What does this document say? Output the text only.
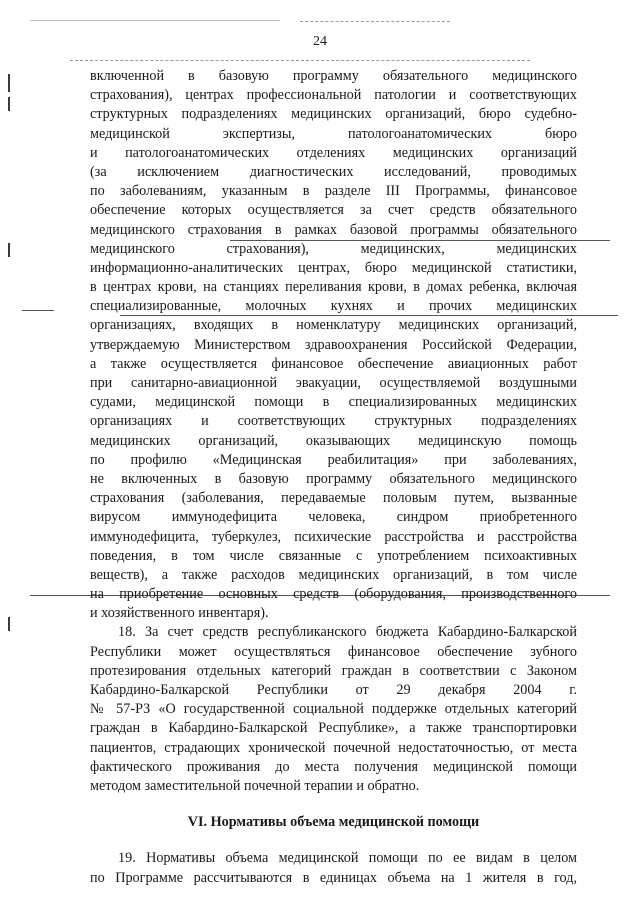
24
включенной в базовую программу обязательного медицинского
страхования), центрах профессиональной патологии и соответствующих
структурных подразделениях медицинских организаций, бюро судебно-
медицинской экспертизы, патологоанатомических бюро
и патологоанатомических отделениях медицинских организаций
(за исключением диагностических исследований, проводимых
по заболеваниям, указанным в разделе III Программы, финансовое
обеспечение которых осуществляется за счет средств обязательного
медицинского страхования в рамках базовой программы обязательного
медицинского страхования), медицинских, медицинских
информационно-аналитических центрах, бюро медицинской статистики,
в центрах крови, на станциях переливания крови, в домах ребенка, включая
специализированные, молочных кухнях и прочих медицинских
организациях, входящих в номенклатуру медицинских организаций,
утверждаемую Министерством здравоохранения Российской Федерации,
а также осуществляется финансовое обеспечение авиационных работ
при санитарно-авиационной эвакуации, осуществляемой воздушными
судами, медицинской помощи в специализированных медицинских
организациях и соответствующих структурных подразделениях
медицинских организаций, оказывающих медицинскую помощь
по профилю «Медицинская реабилитация» при заболеваниях,
не включенных в базовую программу обязательного медицинского
страхования (заболевания, передаваемые половым путем, вызванные
вирусом иммунодефицита человека, синдром приобретенного
иммунодефицита, туберкулез, психические расстройства и расстройства
поведения, в том числе связанные с употреблением психоактивных
веществ), а также расходов медицинских организаций, в том числе
на приобретение основных средств (оборудования, производственного
и хозяйственного инвентаря).
18. За счет средств республиканского бюджета Кабардино-Балкарской
Республики может осуществляться финансовое обеспечение зубного
протезирования отдельных категорий граждан в соответствии с Законом
Кабардино-Балкарской Республики от 29 декабря 2004 г.
№ 57-РЗ «О государственной социальной поддержке отдельных категорий
граждан в Кабардино-Балкарской Республике», а также транспортировки
пациентов, страдающих хронической почечной недостаточностью, от места
фактического проживания до места получения медицинской помощи
методом заместительной почечной терапии и обратно.
VI. Нормативы объема медицинской помощи
19. Нормативы объема медицинской помощи по ее видам в целом
по Программе рассчитываются в единицах объема на 1 жителя в год,
